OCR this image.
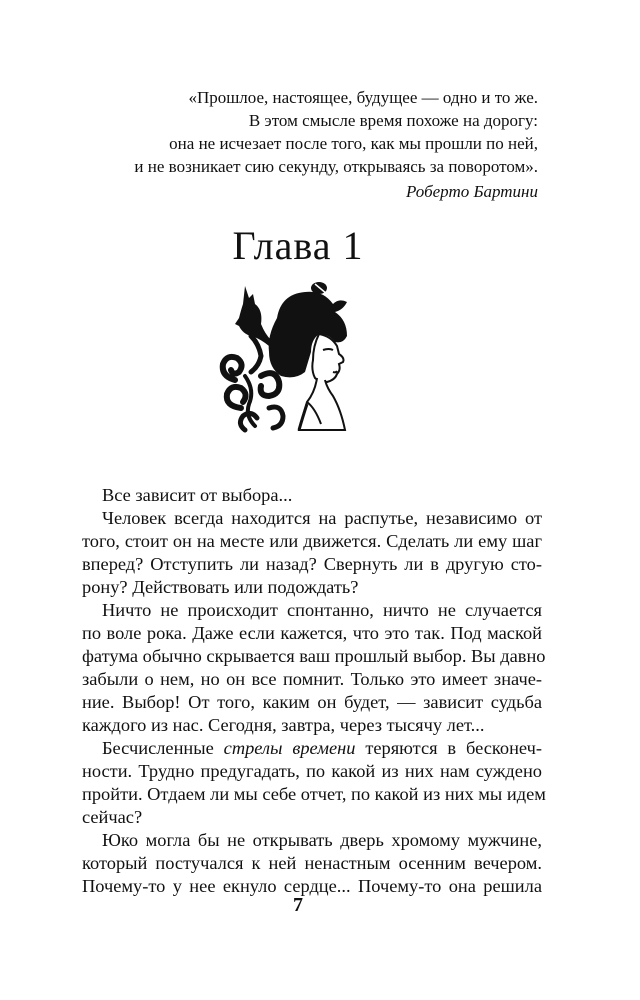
«Прошлое, настоящее, будущее — одно и то же.
В этом смысле время похоже на дорогу:
она не исчезает после того, как мы прошли по ней,
и не возникает сию секунду, открываясь за поворотом».
Роберто Бартини
Глава 1
Все зависит от выбора...
Человек всегда находится на распутье, независимо от
того, стоит он на месте или движется. Сделать ли ему шаг
вперед? Отступить ли назад? Свернуть ли в другую сто-
рону? Действовать или подождать?
Ничто не происходит спонтанно, ничто не случается
по воле рока. Даже если кажется, что это так. Под маской
фатума обычно скрывается ваш прошлый выбор. Вы давно
забыли о нем, но он все помнит. Только это имеет значе-
ние. Выбор! От того, каким он будет, — зависит судьба
каждого из нас. Сегодня, завтра, через тысячу лет...
Бесчисленные стрелы времени теряются в бесконеч-
ности. Трудно предугадать, по какой из них нам суждено
пройти. Отдаем ли мы себе отчет, по какой из них мы идем
сейчас?
Юко могла бы не открывать дверь хромому мужчине,
который постучался к ней ненастным осенним вечером.
Почему-то у нее екнуло сердце... Почему-то она решила
7
